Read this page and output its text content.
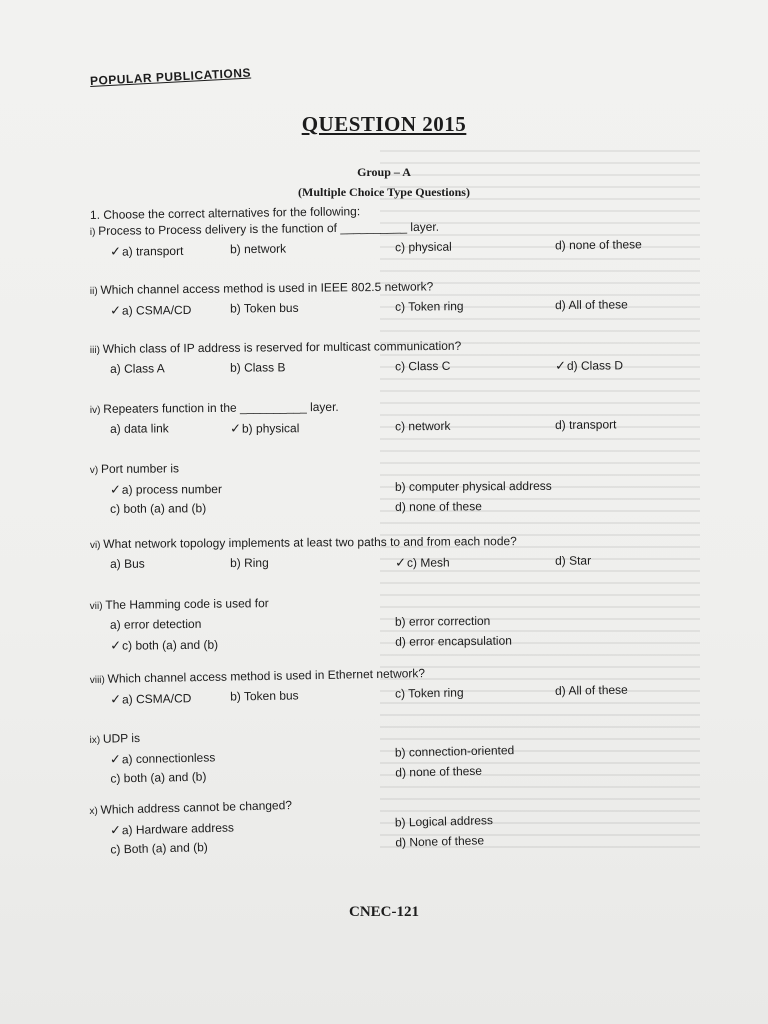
POPULAR PUBLICATIONS
QUESTION 2015
Group – A
(Multiple Choice Type Questions)
1. Choose the correct alternatives for the following:
i) Process to Process delivery is the function of __________ layer.
✓a) transport	b) network	c) physical	d) none of these
ii) Which channel access method is used in IEEE 802.5 network?
✓a) CSMA/CD	b) Token bus	c) Token ring	d) All of these
iii) Which class of IP address is reserved for multicast communication?
a) Class A	b) Class B	c) Class C	✓d) Class D
iv) Repeaters function in the __________ layer.
a) data link	✓b) physical	c) network	d) transport
v) Port number is
✓a) process number	b) computer physical address
c) both (a) and (b)	d) none of these
vi) What network topology implements at least two paths to and from each node?
a) Bus	b) Ring	✓c) Mesh	d) Star
vii) The Hamming code is used for
a) error detection	b) error correction
✓c) both (a) and (b)	d) error encapsulation
viii) Which channel access method is used in Ethernet network?
✓a) CSMA/CD	b) Token bus	c) Token ring	d) All of these
ix) UDP is
✓a) connectionless	b) connection-oriented
c) both (a) and (b)	d) none of these
x) Which address cannot be changed?
✓a) Hardware address	b) Logical address
c) Both (a) and (b)	d) None of these
CNEC-121
